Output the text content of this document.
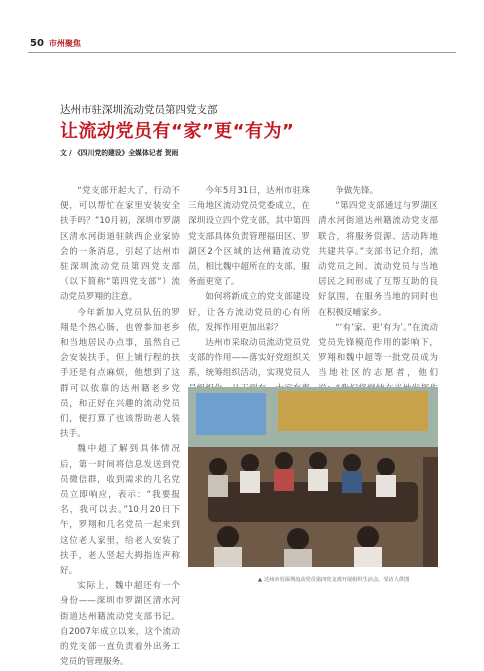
50 市州聚焦
达州市驻深圳流动党员第四党支部
让流动党员有“家”更“有为”
文 / 《四川党的建设》全媒体记者 贺雨

“党支部开起大了，行动不便，可以帮忙在家里安装安全扶手吗？”10月初，深圳市罗湖区清水河街道驻陕西企业家协会的一条消息，引起了达州市驻深圳流动党员第四党支部（以下简称“第四党支部”）流动党员罗翔的注意。

今年新加入党员队伍的罗翔是个热心肠，也曾参加老乡和当地居民办点事，虽然自己会安装扶手，但上铺行程的扶手还是有点麻烦，他想到了这群可以依靠的达州籍老乡党员，和正好在兴趣的流动党员们，便打算了也该帮助老人装扶手。

魏中超了解到具体情况后，第一时间将信息发送到党员微信群，收到需求的几名党员立即响应，表示：“我要报名，我可以去。”10月20日下午，罗翔和几名党员一起来到这位老人家里，给老人安装了扶手，老人竖起大拇指连声称好。

实际上，魏中超还有一个身份——深圳市罗湖区清水河街道达州籍流动党支部书记。自2007年成立以来，这个流动的党支部一直负责着外出务工党员的管理服务。

今年5月31日，达州市驻珠三角地区流动党员党委成立，在深圳设立四个党支部，其中第四党支部具体负责管理福田区、罗湖区2个区域的达州籍流动党员，相比魏中超所在的支部，服务面更宽了。

如何将新成立的党支部建设好，让各方流动党员的心有所依，发挥作用更加出彩？

达州市采取动员流动党员党支部的作用——落实好党组织关系，统筹组织活动，实现党员人

争做先锋。

“第四党支部通过与罗湖区清水河街道达州籍流动党支部联合，将服务资源、活动阵地共建共享。”支部书记介绍，流动党员之间、流动党员与当地居民之间形成了互帮互助的良好氛围，在服务当地的同时也在积极反哺家乡。

“‘有’家、更‘有为’。”在流动党员先锋模范作用的影响下，罗翔和魏中超等一批党员成为当地社区的志愿者，他们

▲ 达州市驻深圳流动党员第四党支部开展组织生活会。受访人供图
